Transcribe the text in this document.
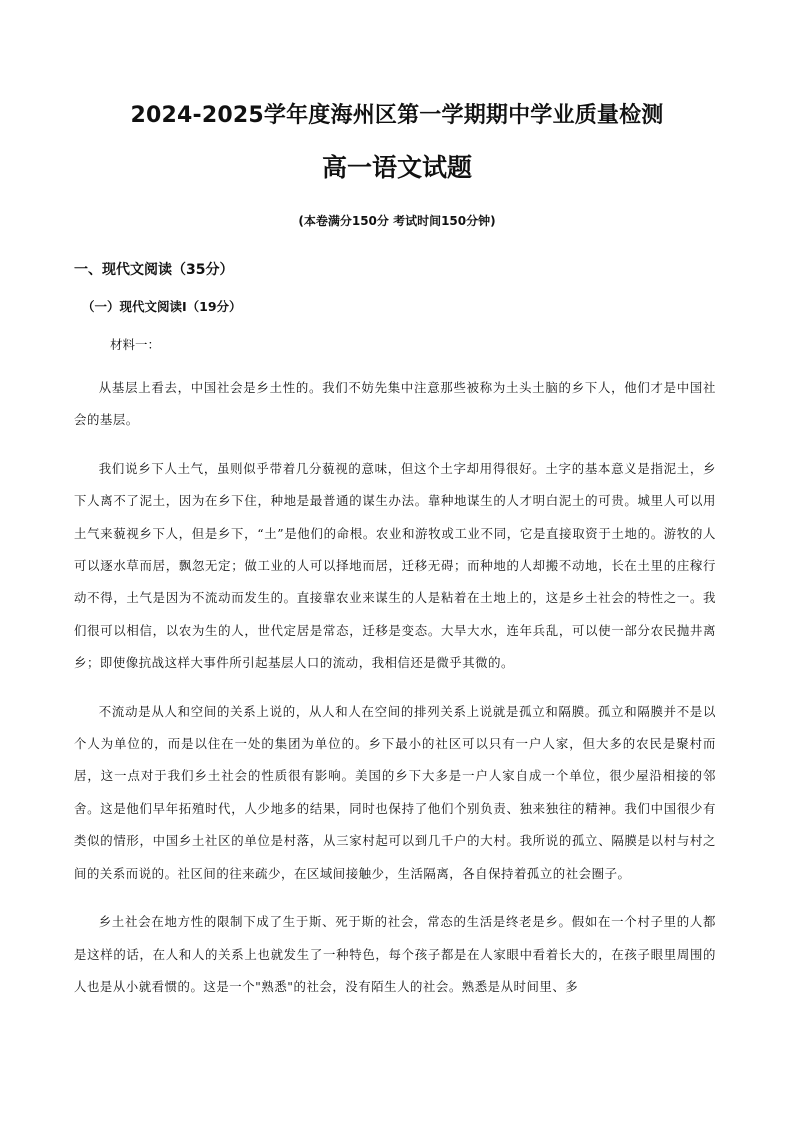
2024-2025学年度海州区第一学期期中学业质量检测
高一语文试题
(本卷满分150分 考试时间150分钟)
一、现代文阅读（35分）
（一）现代文阅读I（19分）
材料一：

从基层上看去，中国社会是乡土性的。我们不妨先集中注意那些被称为土头土脑的乡下人，他们才是中国社会的基层。

我们说乡下人土气，虽则似乎带着几分藐视的意味，但这个土字却用得很好。土字的基本意义是指泥土，乡下人离不了泥土，因为在乡下住，种地是最普通的谋生办法。靠种地谋生的人才明白泥土的可贵。城里人可以用土气来藐视乡下人，但是乡下，“土”是他们的命根。农业和游牧或工业不同，它是直接取资于土地的。游牧的人可以逐水草而居，飘忽无定；做工业的人可以择地而居，迁移无碍；而种地的人却搬不动地，长在土里的庄稼行动不得，土气是因为不流动而发生的。直接靠农业来谋生的人是粘着在土地上的，这是乡土社会的特性之一。我们很可以相信，以农为生的人，世代定居是常态，迁移是变态。大旱大水，连年兵乱，可以使一部分农民抛井离乡；即使像抗战这样大事件所引起基层人口的流动，我相信还是微乎其微的。

不流动是从人和空间的关系上说的，从人和人在空间的排列关系上说就是孤立和隔膜。孤立和隔膜并不是以个人为单位的，而是以住在一处的集团为单位的。乡下最小的社区可以只有一户人家，但大多的农民是聚村而居，这一点对于我们乡土社会的性质很有影响。美国的乡下大多是一户人家自成一个单位，很少屋沿相接的邻舍。这是他们早年拓殖时代，人少地多的结果，同时也保持了他们个别负责、独来独往的精神。我们中国很少有类似的情形，中国乡土社区的单位是村落，从三家村起可以到几千户的大村。我所说的孤立、隔膜是以村与村之间的关系而说的。社区间的往来疏少，在区域间接触少，生活隔离，各自保持着孤立的社会圈子。

乡土社会在地方性的限制下成了生于斯、死于斯的社会，常态的生活是终老是乡。假如在一个村子里的人都是这样的话，在人和人的关系上也就发生了一种特色，每个孩子都是在人家眼中看着长大的，在孩子眼里周围的人也是从小就看惯的。这是一个"熟悉"的社会，没有陌生人的社会。熟悉是从时间里、多
